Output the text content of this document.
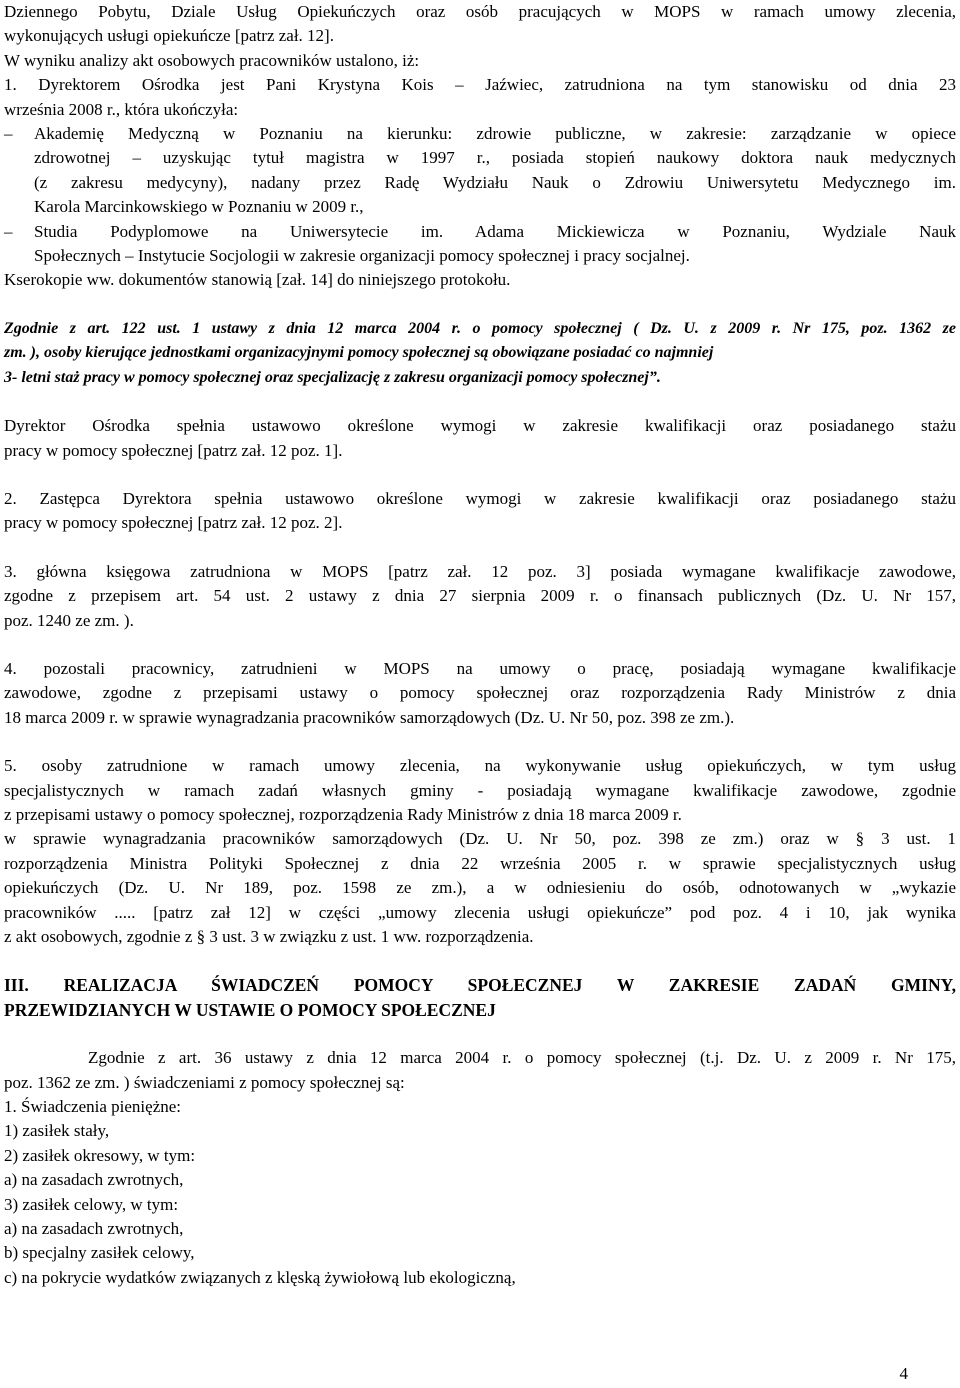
Dziennego Pobytu, Dziale Usług Opiekuńczych oraz osób pracujących w MOPS w ramach umowy zlecenia,

wykonujących usługi opiekuńcze [patrz zał. 12].

W wyniku analizy akt osobowych pracowników ustalono, iż:

1. Dyrektorem Ośrodka jest Pani Krystyna Kois – Jaźwiec, zatrudniona na tym stanowisku od dnia 23

września 2008 r., która ukończyła:

–	Akademię Medyczną w Poznaniu na kierunku: zdrowie publiczne, w zakresie: zarządzanie w opiece

zdrowotnej – uzyskując tytuł magistra w 1997 r., posiada stopień naukowy doktora nauk medycznych

(z zakresu medycyny), nadany przez Radę Wydziału Nauk o Zdrowiu Uniwersytetu Medycznego im.

Karola Marcinkowskiego w Poznaniu w 2009 r.,

–	Studia Podyplomowe na Uniwersytecie im. Adama Mickiewicza w Poznaniu, Wydziale Nauk

Społecznych – Instytucie Socjologii w zakresie organizacji pomocy społecznej i pracy socjalnej.

Kserokopie ww. dokumentów stanowią [zał. 14] do niniejszego protokołu.

Zgodnie z art. 122 ust. 1 ustawy z dnia 12 marca 2004 r. o pomocy społecznej ( Dz. U. z 2009 r. Nr 175, poz. 1362 ze

zm. ), osoby kierujące jednostkami organizacyjnymi pomocy społecznej są obowiązane posiadać co najmniej

3- letni staż pracy w pomocy społecznej oraz specjalizację z zakresu organizacji pomocy społecznej”.

Dyrektor Ośrodka spełnia ustawowo określone wymogi w zakresie kwalifikacji oraz posiadanego stażu

pracy w pomocy społecznej [patrz zał. 12 poz. 1].

2. Zastępca Dyrektora spełnia ustawowo określone wymogi w zakresie kwalifikacji oraz posiadanego stażu

pracy w pomocy społecznej [patrz zał. 12 poz. 2].

3. główna księgowa zatrudniona w MOPS [patrz zał. 12 poz. 3] posiada wymagane kwalifikacje zawodowe,

zgodne z przepisem art. 54 ust. 2 ustawy z dnia 27 sierpnia 2009 r. o finansach publicznych (Dz. U. Nr 157,

poz. 1240 ze zm. ).

4. pozostali pracownicy, zatrudnieni w MOPS na umowy o pracę, posiadają wymagane kwalifikacje

zawodowe, zgodne z przepisami ustawy o pomocy społecznej oraz rozporządzenia Rady Ministrów z dnia

18 marca 2009 r. w sprawie wynagradzania pracowników samorządowych (Dz. U. Nr 50, poz. 398 ze zm.).

5. osoby zatrudnione w ramach umowy zlecenia, na wykonywanie usług opiekuńczych, w tym usług

specjalistycznych w ramach zadań własnych gminy - posiadają wymagane kwalifikacje zawodowe, zgodnie

z przepisami ustawy o pomocy społecznej, rozporządzenia Rady Ministrów z dnia 18 marca 2009 r.

w sprawie wynagradzania pracowników samorządowych (Dz. U. Nr 50, poz. 398 ze zm.) oraz w § 3 ust. 1

rozporządzenia Ministra Polityki Społecznej z dnia 22 września 2005 r. w sprawie specjalistycznych usług

opiekuńczych (Dz. U. Nr 189, poz. 1598 ze zm.), a w odniesieniu do osób, odnotowanych w „wykazie

pracowników ..... [patrz zał 12] w części „umowy zlecenia usługi opiekuńcze” pod poz. 4 i 10, jak wynika

z akt osobowych, zgodnie z § 3 ust. 3 w związku z ust. 1 ww. rozporządzenia.

III. REALIZACJA ŚWIADCZEŃ POMOCY SPOŁECZNEJ W ZAKRESIE ZADAŃ GMINY,

PRZEWIDZIANYCH W USTAWIE O POMOCY SPOŁECZNEJ

Zgodnie z art. 36 ustawy z dnia 12 marca 2004 r. o pomocy społecznej (t.j. Dz. U. z 2009 r. Nr 175,

poz. 1362 ze zm. ) świadczeniami z pomocy społecznej są:

1. Świadczenia pieniężne:

1) zasiłek stały,

2) zasiłek okresowy, w tym:

a) na zasadach zwrotnych,

3) zasiłek celowy, w tym:

a) na zasadach zwrotnych,

b) specjalny zasiłek celowy,

c) na pokrycie wydatków związanych z klęską żywiołową lub ekologiczną,

4
